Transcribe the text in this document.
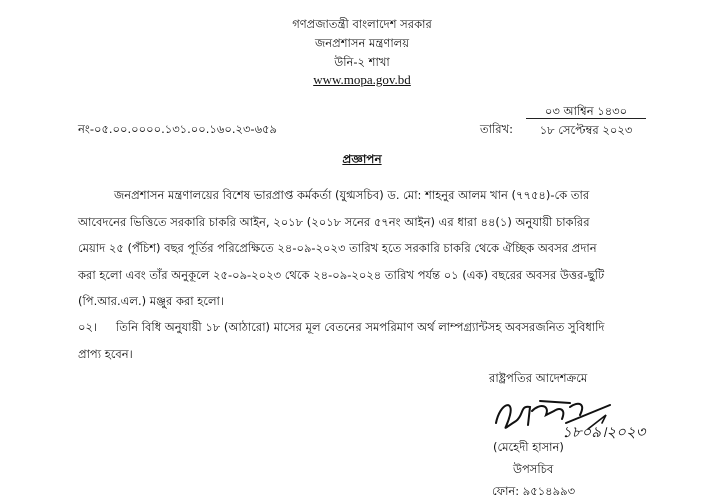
গণপ্রজাতন্ত্রী বাংলাদেশ সরকার
জনপ্রশাসন মন্ত্রণালয়
উনি-২ শাখা
www.mopa.gov.bd
নং-০৫.০০.০০০০.১৩১.০০.১৬০.২৩-৬৫৯	তারিখ:
০৩ আশ্বিন ১৪৩০
১৮ সেপ্টেম্বর ২০২৩
প্রজ্ঞাপন
জনপ্রশাসন মন্ত্রণালয়ের বিশেষ ভারপ্রাপ্ত কর্মকর্তা (যুগ্মসচিব) ড. মো: শাহনুর আলম খান (৭৭৫৪)-কে তার
আবেদনের ভিত্তিতে সরকারি চাকরি আইন, ২০১৮ (২০১৮ সনের ৫৭নং আইন) এর ধারা ৪৪(১) অনুযায়ী চাকরির
মেয়াদ ২৫ (পঁচিশ) বছর পূর্তির পরিপ্রেক্ষিতে ২৪-০৯-২০২৩ তারিখ হতে সরকারি চাকরি থেকে ঐচ্ছিক অবসর প্রদান
করা হলো এবং তাঁর অনুকূলে ২৫-০৯-২০২৩ থেকে ২৪-০৯-২০২৪ তারিখ পর্যন্ত ০১ (এক) বছরের অবসর উত্তর-ছুটি
(পি.আর.এল.) মঞ্জুর করা হলো।
০২। তিনি বিধি অনুযায়ী ১৮ (আঠারো) মাসের মূল বেতনের সমপরিমাণ অর্থ লাম্পগ্র্যান্টসহ অবসরজনিত সুবিধাদি
প্রাপ্য হবেন।
রাষ্ট্রপতির আদেশক্রমে
১৮০৯।২০২৩
(মেহেদী হাসান)
উপসচিব
ফোন: ৯৫১৪৯৯৩
